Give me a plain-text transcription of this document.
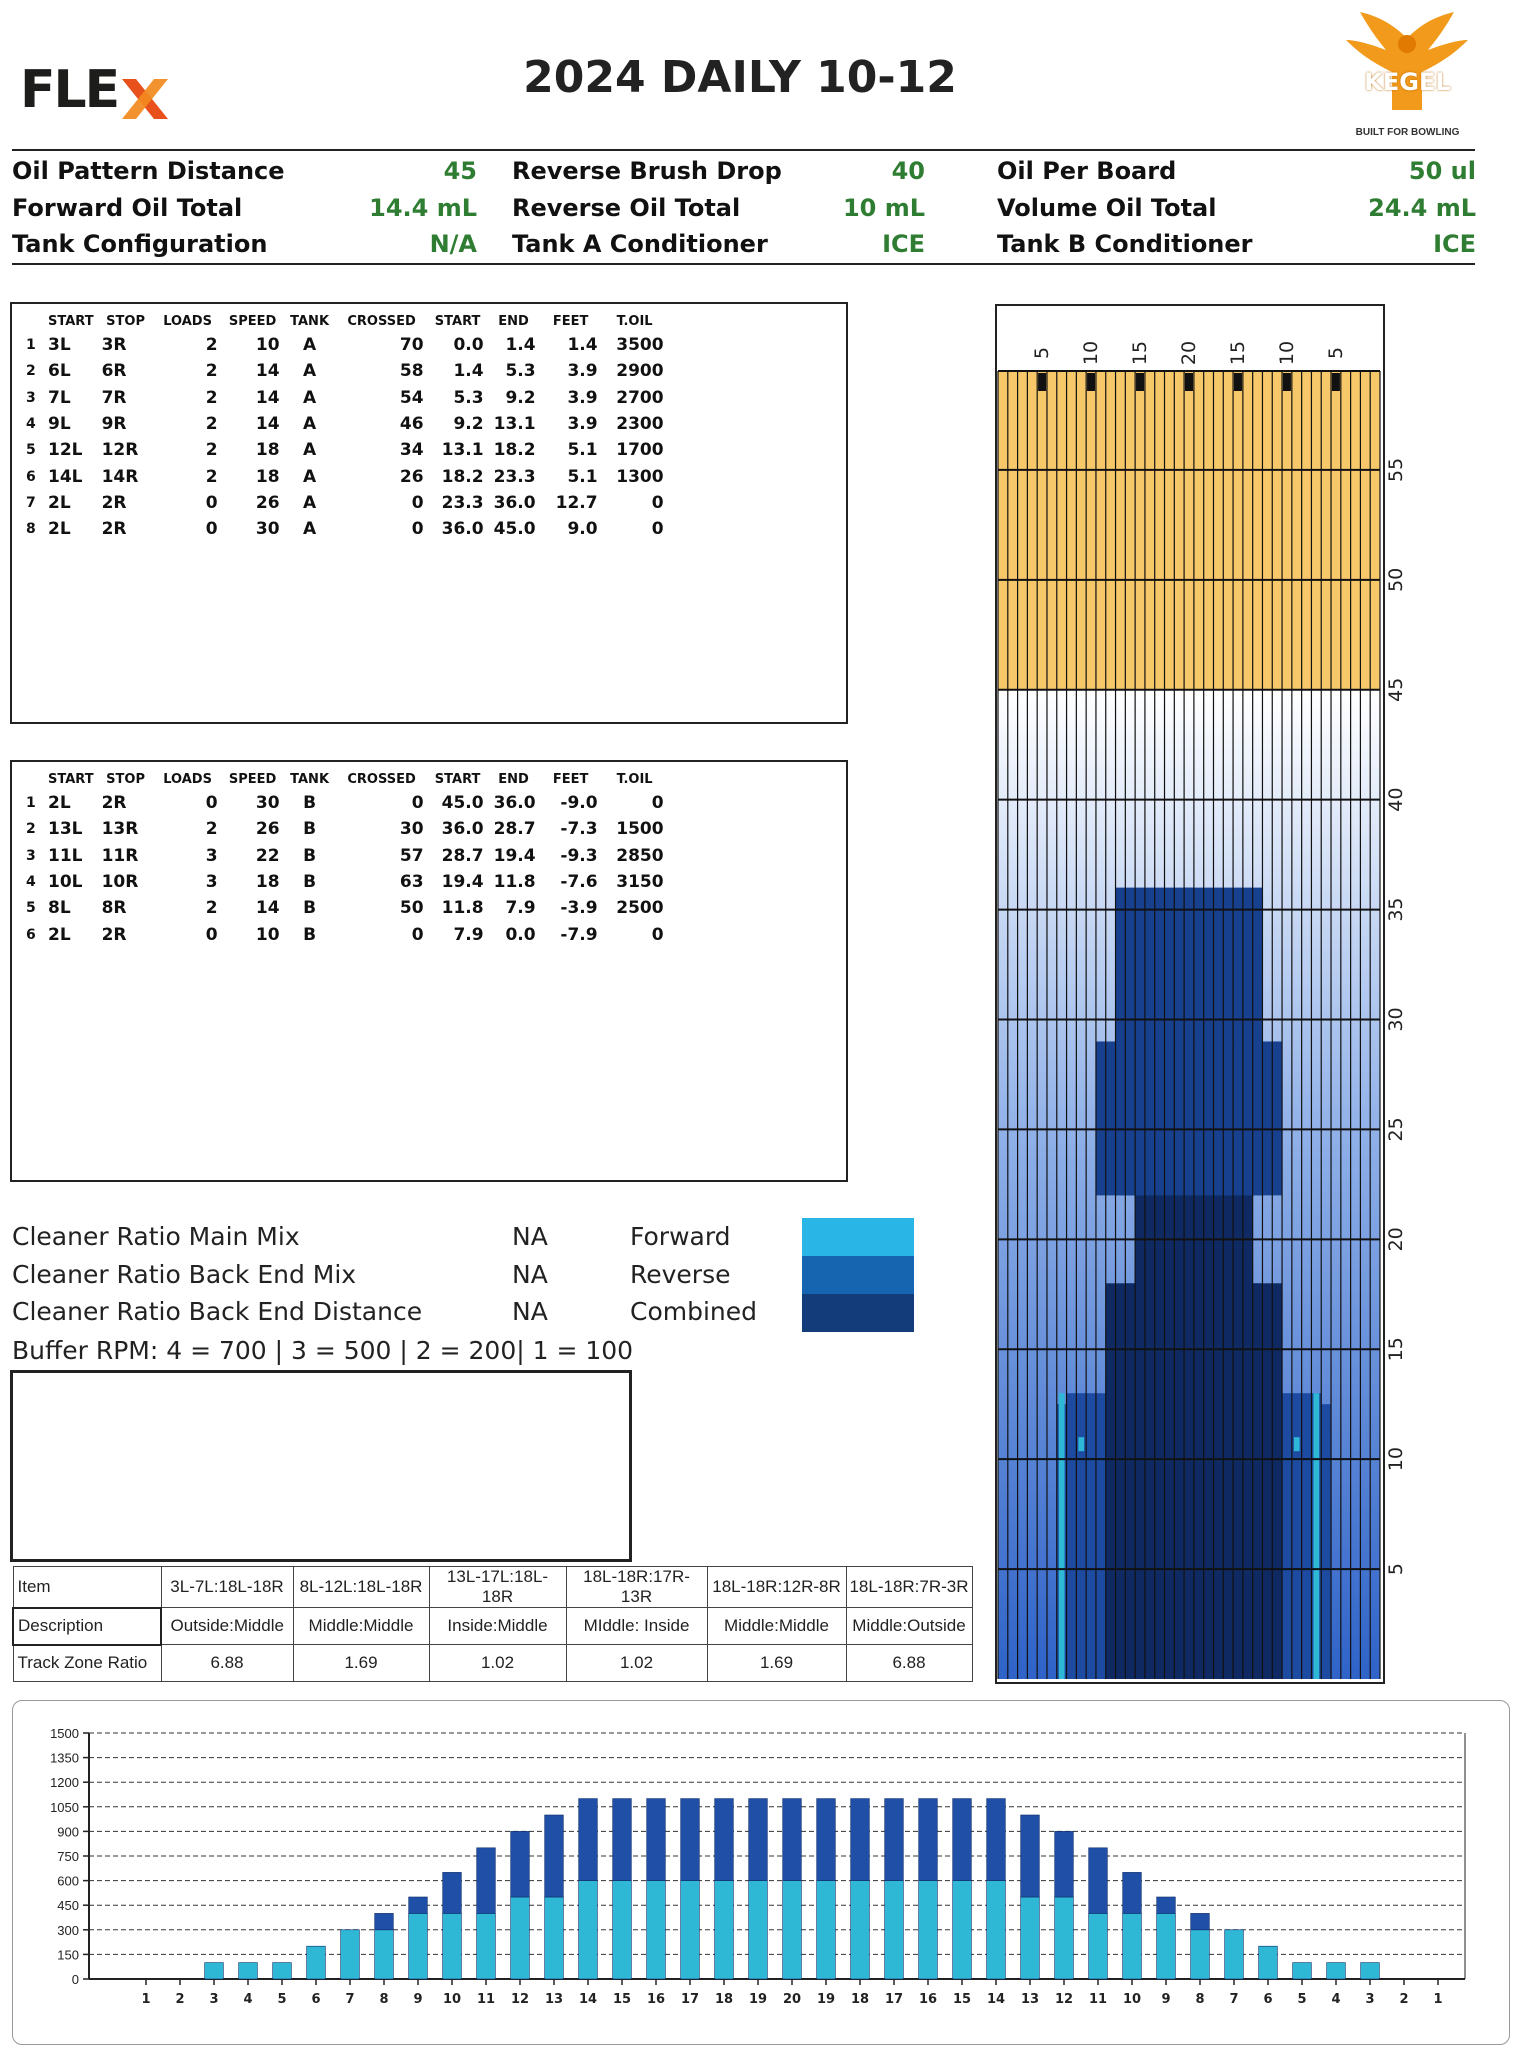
FLE	2024 DAILY 10-12	KEGEL
BUILT FOR BOWLING
Oil Pattern Distance	45
Forward Oil Total	14.4 mL
Tank Configuration	N/A
Reverse Brush Drop	40
Reverse Oil Total	10 mL
Tank A Conditioner	ICE
Oil Per Board	50 ul
Volume Oil Total	24.4 mL
Tank B Conditioner	ICE
	START	STOP	LOADS	SPEED	TANK	CROSSED	START	END	FEET	T.OIL
1	3L	3R	2	10	A	70	0.0	1.4	1.4	3500
2	6L	6R	2	14	A	58	1.4	5.3	3.9	2900
3	7L	7R	2	14	A	54	5.3	9.2	3.9	2700
4	9L	9R	2	14	A	46	9.2	13.1	3.9	2300
5	12L	12R	2	18	A	34	13.1	18.2	5.1	1700
6	14L	14R	2	18	A	26	18.2	23.3	5.1	1300
7	2L	2R	0	26	A	0	23.3	36.0	12.7	0
8	2L	2R	0	30	A	0	36.0	45.0	9.0	0
	START	STOP	LOADS	SPEED	TANK	CROSSED	START	END	FEET	T.OIL
1	2L	2R	0	30	B	0	45.0	36.0	-9.0	0
2	13L	13R	2	26	B	30	36.0	28.7	-7.3	1500
3	11L	11R	3	22	B	57	28.7	19.4	-9.3	2850
4	10L	10R	3	18	B	63	19.4	11.8	-7.6	3150
5	8L	8R	2	14	B	50	11.8	7.9	-3.9	2500
6	2L	2R	0	10	B	0	7.9	0.0	-7.9	0
Cleaner Ratio Main Mix	NA	Forward
Cleaner Ratio Back End Mix	NA	Reverse
Cleaner Ratio Back End Distance	NA	Combined
Buffer RPM: 4 = 700 | 3 = 500 | 2 = 200| 1 = 100
Item	3L-7L:18L-18R	8L-12L:18L-18R	13L-17L:18L-18R	18L-18R:17R-13R	18L-18R:12R-8R	18L-18R:7R-3R
Description	Outside:Middle	Middle:Middle	Inside:Middle	MIddle: Inside	Middle:Middle	Middle:Outside
Track Zone Ratio	6.88	1.69	1.02	1.02	1.69	6.88
55
50
45
40
35
30
25
20
15
10
5
5 10 15 20 15 10 5
1500
1350
1200
1050
900
750
600
450
300
150
0
1 2 3 4 5 6 7 8 9 10 11 12 13 14 15 16 17 18 19 20 19 18 17 16 15 14 13 12 11 10 9 8 7 6 5 4 3 2 1
